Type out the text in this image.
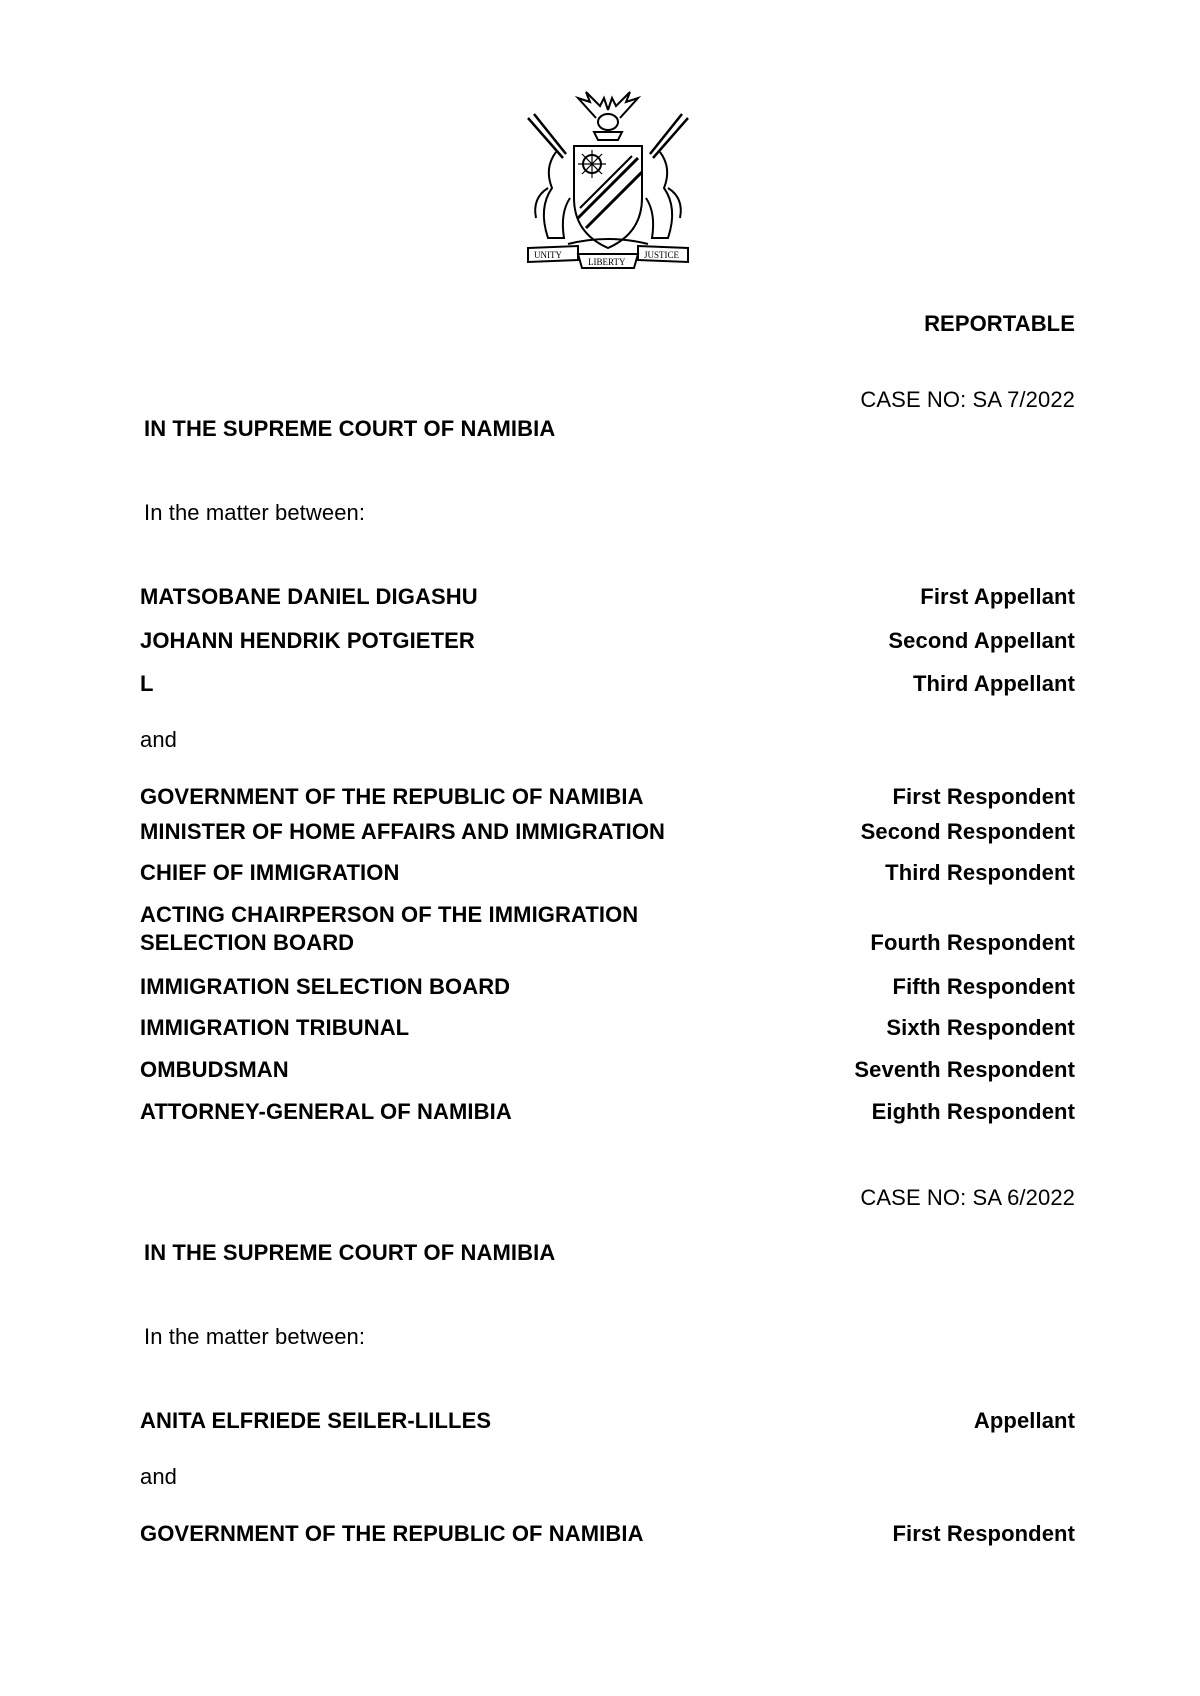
UNITY	JUSTICE
LIBERTY
REPORTABLE
CASE NO: SA 7/2022
IN THE SUPREME COURT OF NAMIBIA
In the matter between:
MATSOBANE DANIEL DIGASHU	First Appellant
JOHANN HENDRIK POTGIETER	Second Appellant
L	Third Appellant
and
GOVERNMENT OF THE REPUBLIC OF NAMIBIA	First Respondent
MINISTER OF HOME AFFAIRS AND IMMIGRATION	Second Respondent
CHIEF OF IMMIGRATION	Third Respondent
ACTING CHAIRPERSON OF THE IMMIGRATION
SELECTION BOARD	Fourth Respondent
IMMIGRATION SELECTION BOARD	Fifth Respondent
IMMIGRATION TRIBUNAL	Sixth Respondent
OMBUDSMAN	Seventh Respondent
ATTORNEY-GENERAL OF NAMIBIA	Eighth Respondent
CASE NO: SA 6/2022
IN THE SUPREME COURT OF NAMIBIA
In the matter between:
ANITA ELFRIEDE SEILER-LILLES	Appellant
and
GOVERNMENT OF THE REPUBLIC OF NAMIBIA	First Respondent
